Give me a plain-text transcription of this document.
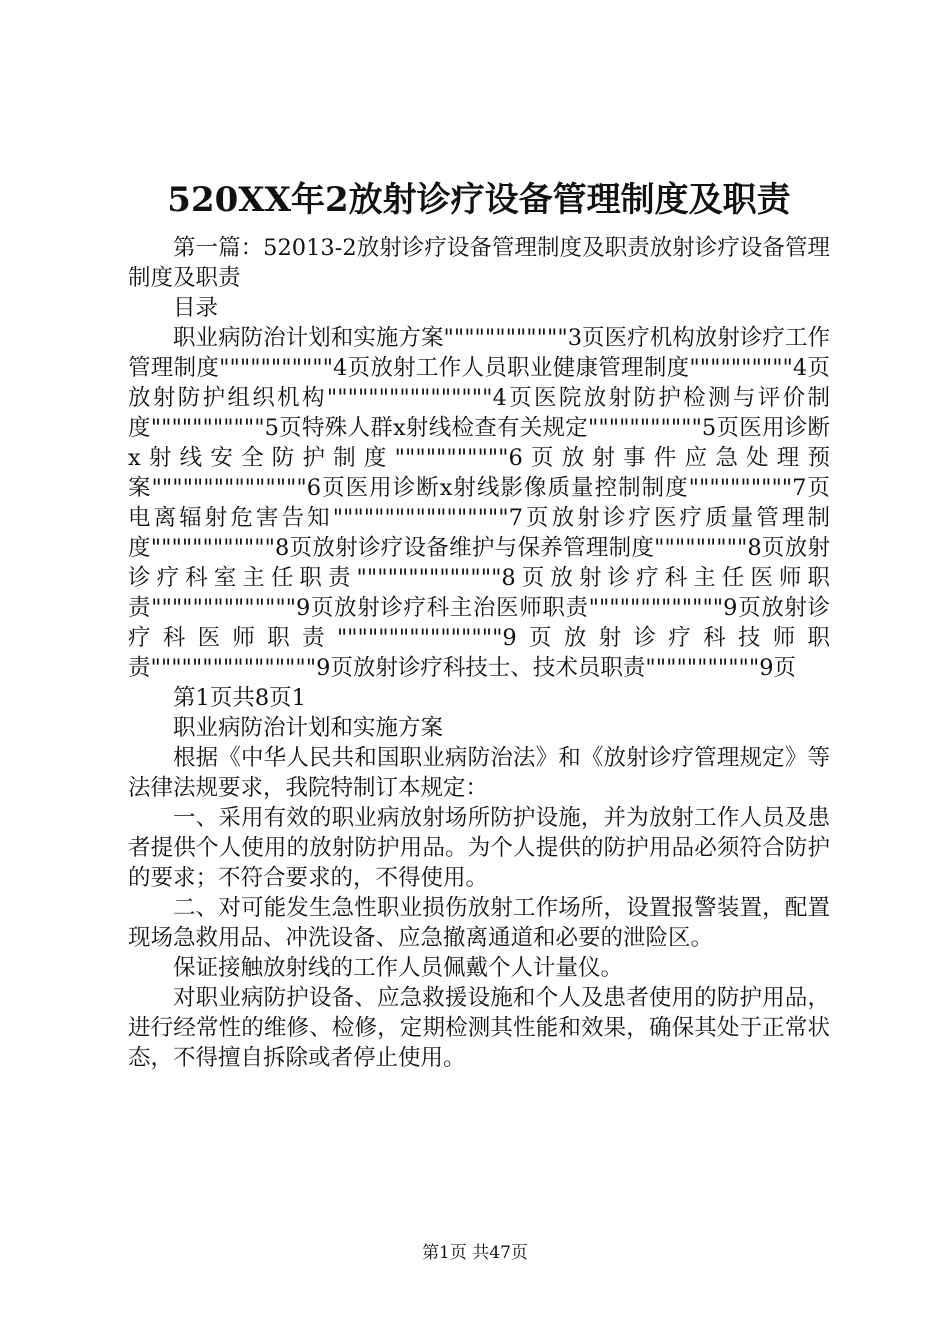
520XX年2放射诊疗设备管理制度及职责

第一篇：52013-2放射诊疗设备管理制度及职责放射诊疗设备管理制度及职责

目录

职业病防治计划和实施方案""""""""""""3页医疗机构放射诊疗工作管理制度"""""""""""4页放射工作人员职业健康管理制度""""""""""4页放射防护组织机构""""""""""""""""4页医院放射防护检测与评价制度"""""""""""5页特殊人群x射线检查有关规定"""""""""""5页医用诊断x射线安全防护制度"""""""""""6页放射事件应急处理预案"""""""""""""""6页医用诊断x射线影像质量控制制度""""""""""7页电离辐射危害告知"""""""""""""""""7页放射诊疗医疗质量管理制度""""""""""""8页放射诊疗设备维护与保养管理制度"""""""""8页放射诊疗科室主任职责""""""""""""""8页放射诊疗科主任医师职责""""""""""""""9页放射诊疗科主治医师职责"""""""""""""9页放射诊疗科医师职责""""""""""""""""9页放射诊疗科技师职责""""""""""""""""9页放射诊疗科技士、技术员职责"""""""""""9页

第1页共8页1

职业病防治计划和实施方案

根据《中华人民共和国职业病防治法》和《放射诊疗管理规定》等法律法规要求，我院特制订本规定：

一、采用有效的职业病放射场所防护设施，并为放射工作人员及患者提供个人使用的放射防护用品。为个人提供的防护用品必须符合防护的要求；不符合要求的，不得使用。

二、对可能发生急性职业损伤放射工作场所，设置报警装置，配置现场急救用品、冲洗设备、应急撤离通道和必要的泄险区。

保证接触放射线的工作人员佩戴个人计量仪。

对职业病防护设备、应急救援设施和个人及患者使用的防护用品，进行经常性的维修、检修，定期检测其性能和效果，确保其处于正常状态，不得擅自拆除或者停止使用。

第1页 共47页
